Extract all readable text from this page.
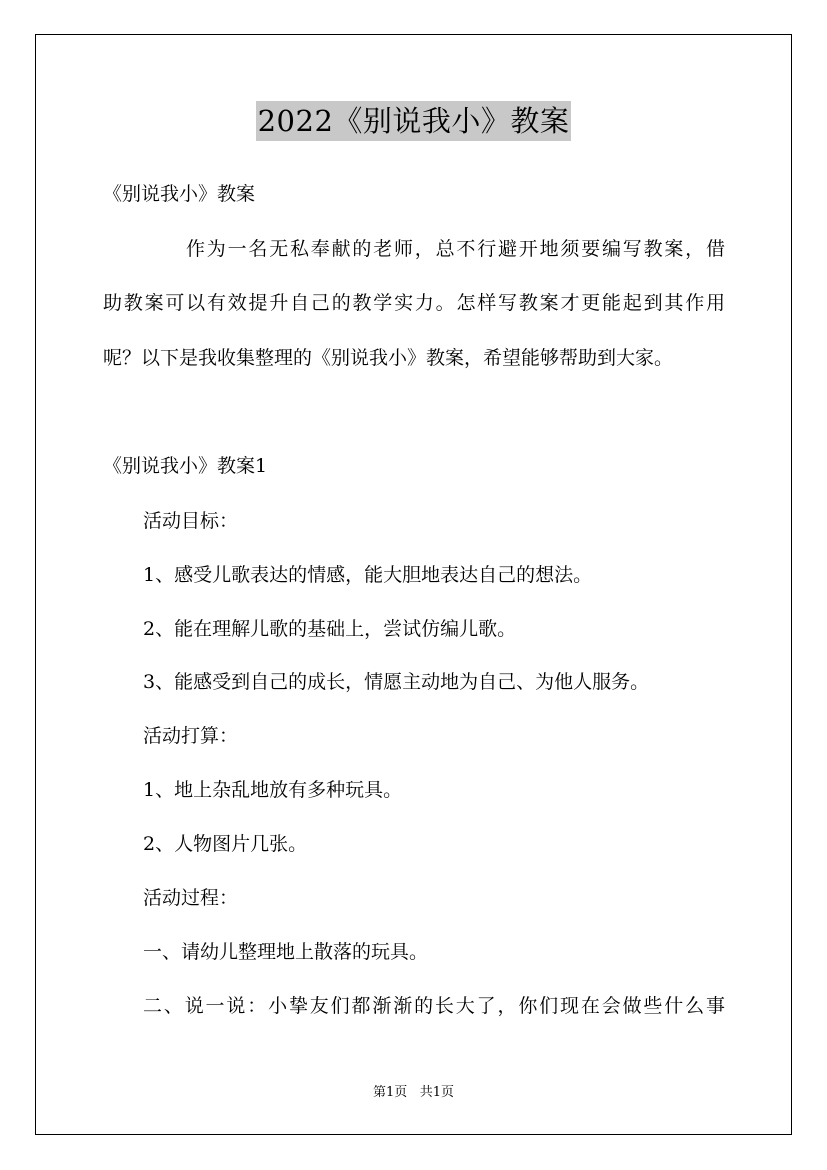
2022《别说我小》教案
《别说我小》教案
作为一名无私奉献的老师，总不行避开地须要编写教案，借
助教案可以有效提升自己的教学实力。怎样写教案才更能起到其作用
呢？以下是我收集整理的《别说我小》教案，希望能够帮助到大家。
《别说我小》教案1
活动目标：
1、感受儿歌表达的情感，能大胆地表达自己的想法。
2、能在理解儿歌的基础上，尝试仿编儿歌。
3、能感受到自己的成长，情愿主动地为自己、为他人服务。
活动打算：
1、地上杂乱地放有多种玩具。
2、人物图片几张。
活动过程：
一、请幼儿整理地上散落的玩具。
二、说一说：小挚友们都渐渐的长大了，你们现在会做些什么事
第1页 共1页
